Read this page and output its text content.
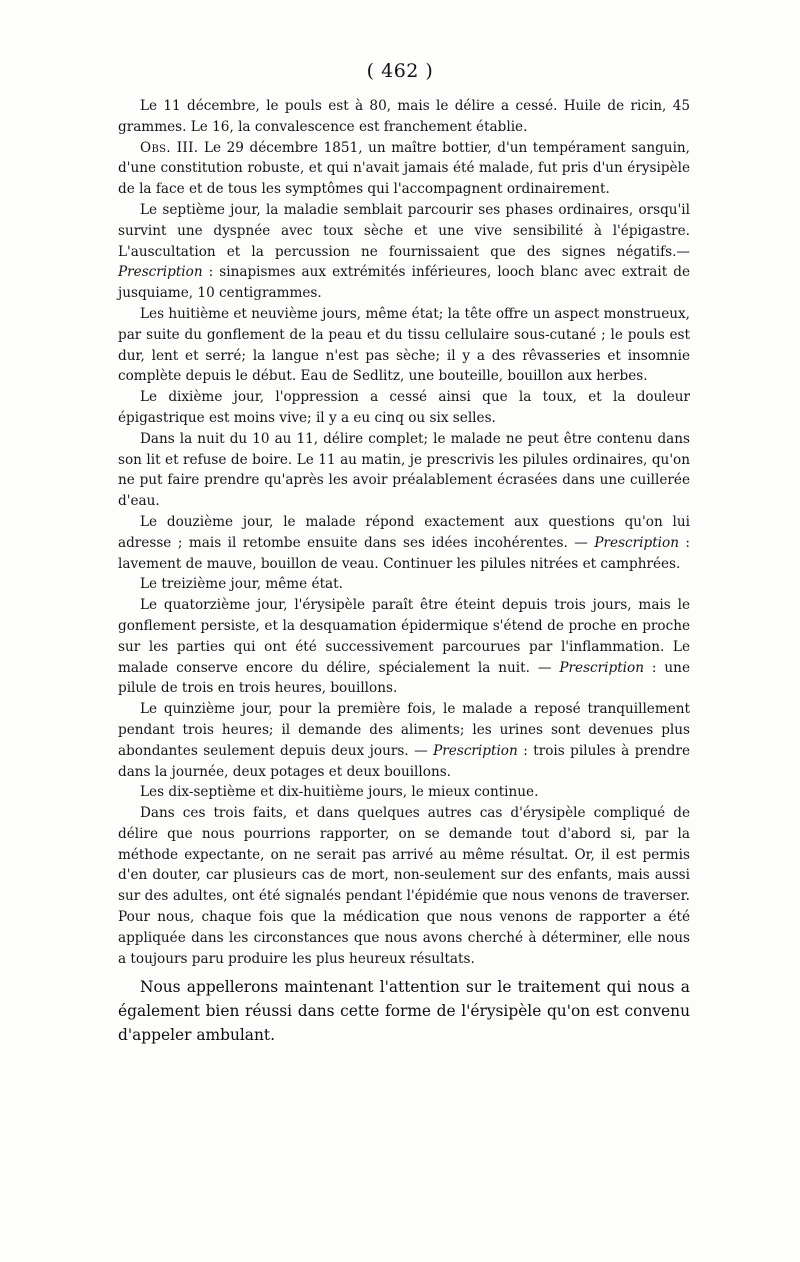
( 462 )

Le 11 décembre, le pouls est à 80, mais le délire a cessé. Huile de ricin, 45 grammes. Le 16, la convalescence est franchement établie.

Obs. III. Le 29 décembre 1851, un maître bottier, d'un tempérament sanguin, d'une constitution robuste, et qui n'avait jamais été malade, fut pris d'un érysipèle de la face et de tous les symptômes qui l'accompagnent ordinairement.

Le septième jour, la maladie semblait parcourir ses phases ordinaires, orsqu'il survint une dyspnée avec toux sèche et une vive sensibilité à l'épigastre. L'auscultation et la percussion ne fournissaient que des signes négatifs.—Prescription : sinapismes aux extrémités inférieures, looch blanc avec extrait de jusquiame, 10 centigrammes.

Les huitième et neuvième jours, même état; la tête offre un aspect monstrueux, par suite du gonflement de la peau et du tissu cellulaire sous-cutané ; le pouls est dur, lent et serré; la langue n'est pas sèche; il y a des rêvasseries et insomnie complète depuis le début. Eau de Sedlitz, une bouteille, bouillon aux herbes.

Le dixième jour, l'oppression a cessé ainsi que la toux, et la douleur épigastrique est moins vive; il y a eu cinq ou six selles.

Dans la nuit du 10 au 11, délire complet; le malade ne peut être contenu dans son lit et refuse de boire. Le 11 au matin, je prescrivis les pilules ordinaires, qu'on ne put faire prendre qu'après les avoir préalablement écrasées dans une cuillerée d'eau.

Le douzième jour, le malade répond exactement aux questions qu'on lui adresse ; mais il retombe ensuite dans ses idées incohérentes. — Prescription : lavement de mauve, bouillon de veau. Continuer les pilules nitrées et camphrées.

Le treizième jour, même état.

Le quatorzième jour, l'érysipèle paraît être éteint depuis trois jours, mais le gonflement persiste, et la desquamation épidermique s'étend de proche en proche sur les parties qui ont été successivement parcourues par l'inflammation. Le malade conserve encore du délire, spécialement la nuit. — Prescription : une pilule de trois en trois heures, bouillons.

Le quinzième jour, pour la première fois, le malade a reposé tranquillement pendant trois heures; il demande des aliments; les urines sont devenues plus abondantes seulement depuis deux jours. — Prescription : trois pilules à prendre dans la journée, deux potages et deux bouillons.

Les dix-septième et dix-huitième jours, le mieux continue.

Dans ces trois faits, et dans quelques autres cas d'érysipèle compliqué de délire que nous pourrions rapporter, on se demande tout d'abord si, par la méthode expectante, on ne serait pas arrivé au même résultat. Or, il est permis d'en douter, car plusieurs cas de mort, non-seulement sur des enfants, mais aussi sur des adultes, ont été signalés pendant l'épidémie que nous venons de traverser. Pour nous, chaque fois que la médication que nous venons de rapporter a été appliquée dans les circonstances que nous avons cherché à déterminer, elle nous a toujours paru produire les plus heureux résultats.

Nous appellerons maintenant l'attention sur le traitement qui nous a également bien réussi dans cette forme de l'érysipèle qu'on est convenu d'appeler ambulant.
